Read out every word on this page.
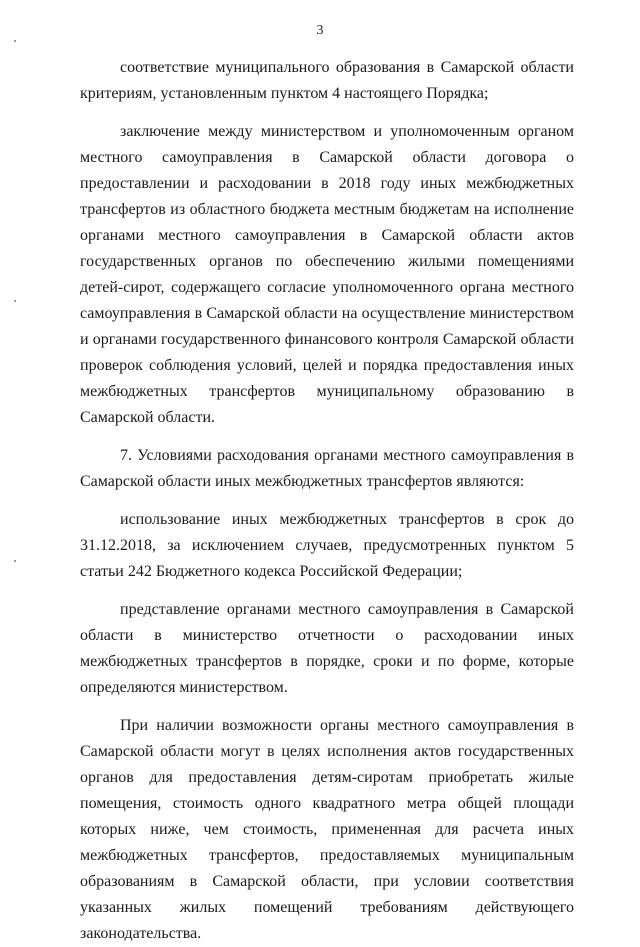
3

соответствие муниципального образования в Самарской области критериям, установленным пунктом 4 настоящего Порядка;

заключение между министерством и уполномоченным органом местного самоуправления в Самарской области договора о предоставлении и расходовании в 2018 году иных межбюджетных трансфертов из областного бюджета местным бюджетам на исполнение органами местного самоуправления в Самарской области актов государственных органов по обеспечению жилыми помещениями детей-сирот, содержащего согласие уполномоченного органа местного самоуправления в Самарской области на осуществление министерством и органами государственного финансового контроля Самарской области проверок соблюдения условий, целей и порядка предоставления иных межбюджетных трансфертов муниципальному образованию в Самарской области.

7. Условиями расходования органами местного самоуправления в Самарской области иных межбюджетных трансфертов являются:

использование иных межбюджетных трансфертов в срок до 31.12.2018, за исключением случаев, предусмотренных пунктом 5 статьи 242 Бюджетного кодекса Российской Федерации;

представление органами местного самоуправления в Самарской области в министерство отчетности о расходовании иных межбюджетных трансфертов в порядке, сроки и по форме, которые определяются министерством.

При наличии возможности органы местного самоуправления в Самарской области могут в целях исполнения актов государственных органов для предоставления детям-сиротам приобретать жилые помещения, стоимость одного квадратного метра общей площади которых ниже, чем стоимость, примененная для расчета иных межбюджетных трансфертов, предоставляемых муниципальным образованиям в Самарской области, при условии соответствия указанных жилых помещений требованиям действующего законодательства.
